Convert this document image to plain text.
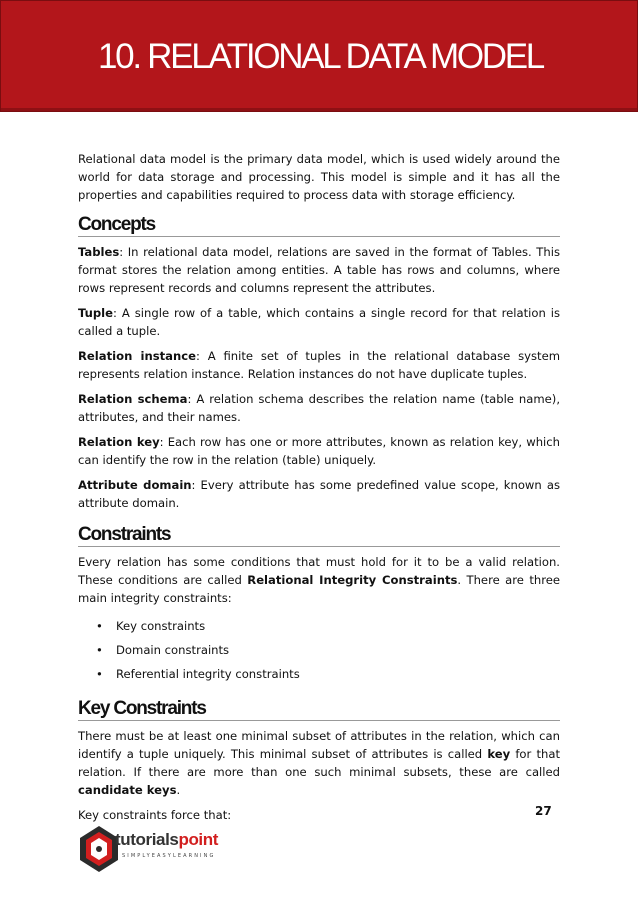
10. RELATIONAL DATA MODEL

Relational data model is the primary data model, which is used widely around the world for data storage and processing. This model is simple and it has all the properties and capabilities required to process data with storage efficiency.

Concepts

Tables: In relational data model, relations are saved in the format of Tables. This format stores the relation among entities. A table has rows and columns, where rows represent records and columns represent the attributes.

Tuple: A single row of a table, which contains a single record for that relation is called a tuple.

Relation instance: A finite set of tuples in the relational database system represents relation instance. Relation instances do not have duplicate tuples.

Relation schema: A relation schema describes the relation name (table name), attributes, and their names.

Relation key: Each row has one or more attributes, known as relation key, which can identify the row in the relation (table) uniquely.

Attribute domain: Every attribute has some predefined value scope, known as attribute domain.

Constraints

Every relation has some conditions that must hold for it to be a valid relation. These conditions are called Relational Integrity Constraints. There are three main integrity constraints:

• Key constraints
• Domain constraints
• Referential integrity constraints
Key Constraints

There must be at least one minimal subset of attributes in the relation, which can identify a tuple uniquely. This minimal subset of attributes is called key for that relation. If there are more than one such minimal subsets, these are called candidate keys.

Key constraints force that:	27
tutorialspoint
SIMPLYEASYLEARNING
